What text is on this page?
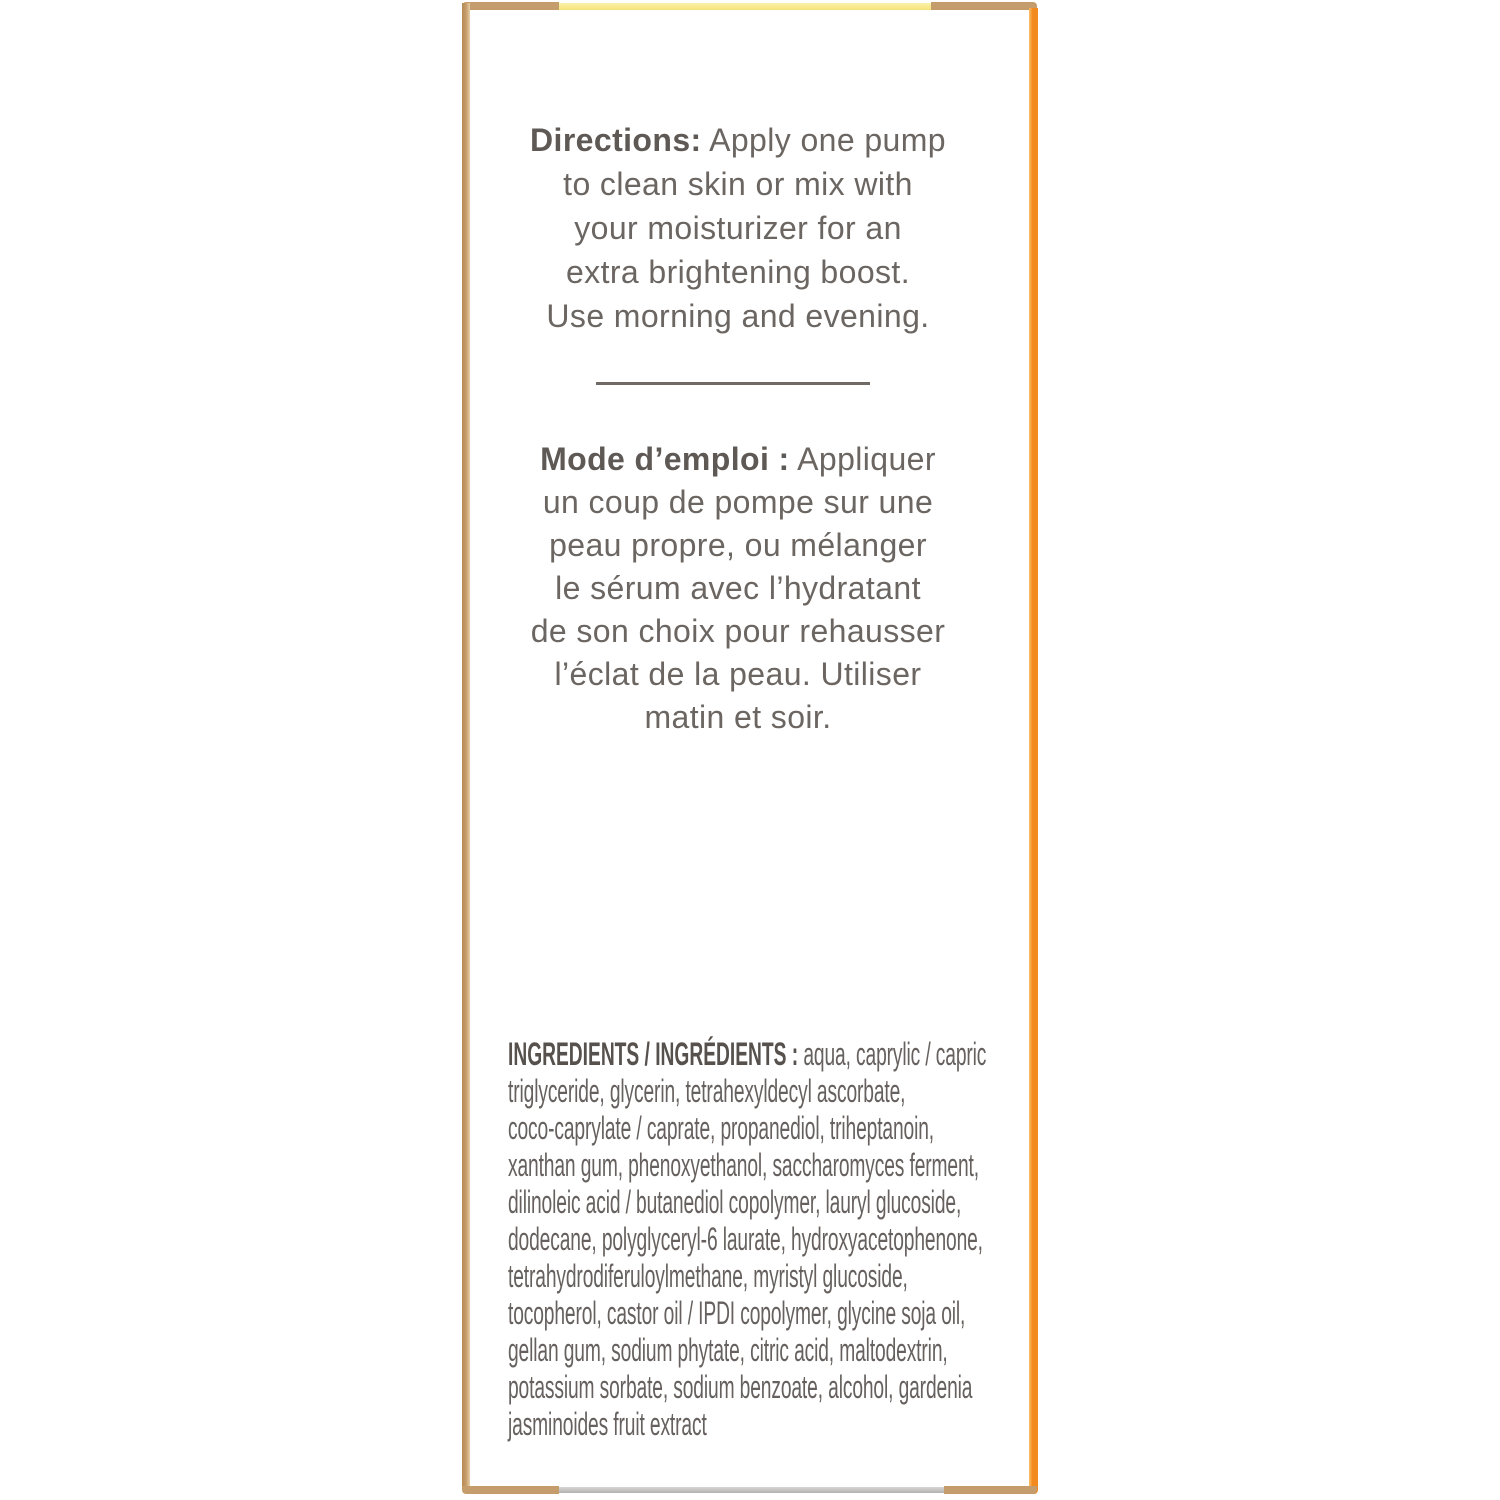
Directions: Apply one pump
to clean skin or mix with
your moisturizer for an
extra brightening boost.
Use morning and evening.

Mode d’emploi : Appliquer
un coup de pompe sur une
peau propre, ou mélanger
le sérum avec l’hydratant
de son choix pour rehausser
l’éclat de la peau. Utiliser
matin et soir.

INGREDIENTS / INGRÉDIENTS : aqua, caprylic / capric
triglyceride, glycerin, tetrahexyldecyl ascorbate,
coco-caprylate / caprate, propanediol, triheptanoin,
xanthan gum, phenoxyethanol, saccharomyces ferment,
dilinoleic acid / butanediol copolymer, lauryl glucoside,
dodecane, polyglyceryl-6 laurate, hydroxyacetophenone,
tetrahydrodiferuloylmethane, myristyl glucoside,
tocopherol, castor oil / IPDI copolymer, glycine soja oil,
gellan gum, sodium phytate, citric acid, maltodextrin,
potassium sorbate, sodium benzoate, alcohol, gardenia
jasminoides fruit extract
